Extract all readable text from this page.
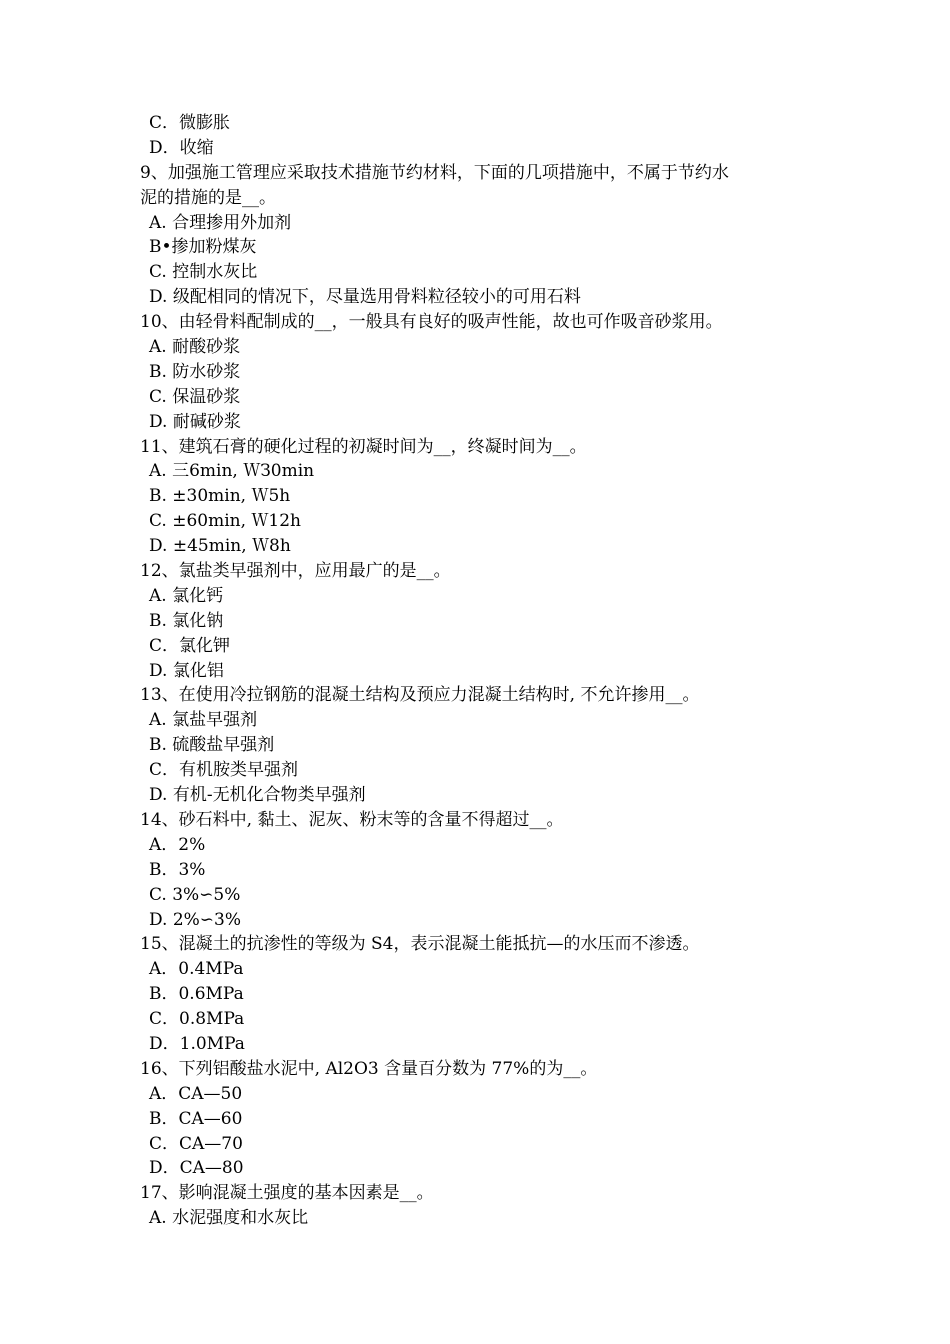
C．微膨胀
D．收缩
9、加强施工管理应采取技术措施节约材料，下面的几项措施中，不属于节约水
泥的措施的是__。
A. 合理掺用外加剂
B•掺加粉煤灰
C. 控制水灰比
D. 级配相同的情况下，尽量选用骨料粒径较小的可用石料
10、由轻骨料配制成的__，一般具有良好的吸声性能，故也可作吸音砂浆用。
A. 耐酸砂浆
B. 防水砂浆
C. 保温砂浆
D. 耐碱砂浆
11、建筑石膏的硬化过程的初凝时间为__，终凝时间为__。
A. 三6min, ＷЗ0min
B. ±30min, Ｗ5h
C. ±60min, Ｗ12h
D. ±45min, Ｗ8h
12、氯盐类早强剂中，应用最广的是__。
A. 氯化钙
B. 氯化钠
C．氯化钾
D. 氯化铝
13、在使用冷拉钢筋的混凝土结构及预应力混凝土结构时, 不允许掺用__。
A. 氯盐早强剂
B. 硫酸盐早强剂
C．有机胺类早强剂
D. 有机-无机化合物类早强剂
14、砂石料中, 黏土、泥灰、粉末等的含量不得超过__。
A．2%
B．3%
C. 3%∽5%
D. 2%∽3%
15、混凝土的抗渗性的等级为 S4，表示混凝土能抵抗—的水压而不渗透。
A．0.4MPa
B．0.6MPa
C．0.8MPa
D．1.0MPa
16、下列铝酸盐水泥中, Al2O3 含量百分数为 77%的为__。
A．CA—50
B．CA—60
C．CA—70
D．CA—80
17、影响混凝土强度的基本因素是__。
A. 水泥强度和水灰比
